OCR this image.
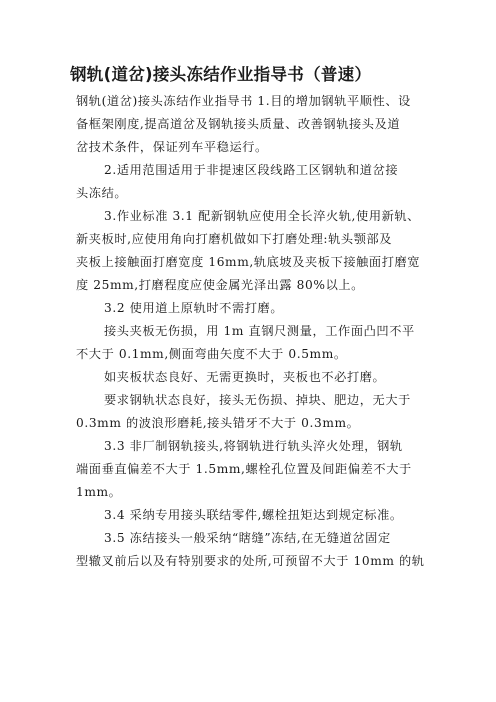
钢轨(道岔)接头冻结作业指导书（普速）
钢轨(道岔)接头冻结作业指导书 1.目的增加钢轨平顺性、设
备框架刚度,提高道岔及钢轨接头质量、改善钢轨接头及道
岔技术条件，保证列车平稳运行。
2.适用范围适用于非提速区段线路工区钢轨和道岔接
头冻结。
3.作业标准 3.1 配新钢轨应使用全长淬火轨,使用新轨、
新夹板时,应使用角向打磨机做如下打磨处理:轨头颚部及
夹板上接触面打磨宽度 16mm,轨底坡及夹板下接触面打磨宽
度 25mm,打磨程度应使金属光泽出露 80%以上。
3.2 使用道上原轨时不需打磨。
接头夹板无伤损，用 1m 直钢尺测量，工作面凸凹不平
不大于 0.1mm,侧面弯曲矢度不大于 0.5mm。
如夹板状态良好、无需更换时，夹板也不必打磨。
要求钢轨状态良好，接头无伤损、掉块、肥边，无大于
0.3mm 的波浪形磨耗,接头错牙不大于 0.3mm。
3.3 非厂制钢轨接头,将钢轨进行轨头淬火处理，钢轨
端面垂直偏差不大于 1.5mm,螺栓孔位置及间距偏差不大于
1mm。
3.4 采纳专用接头联结零件,螺栓扭矩达到规定标准。
3.5 冻结接头一般采纳“瞎缝”冻结,在无缝道岔固定
型辙叉前后以及有特别要求的处所,可预留不大于 10mm 的轨
